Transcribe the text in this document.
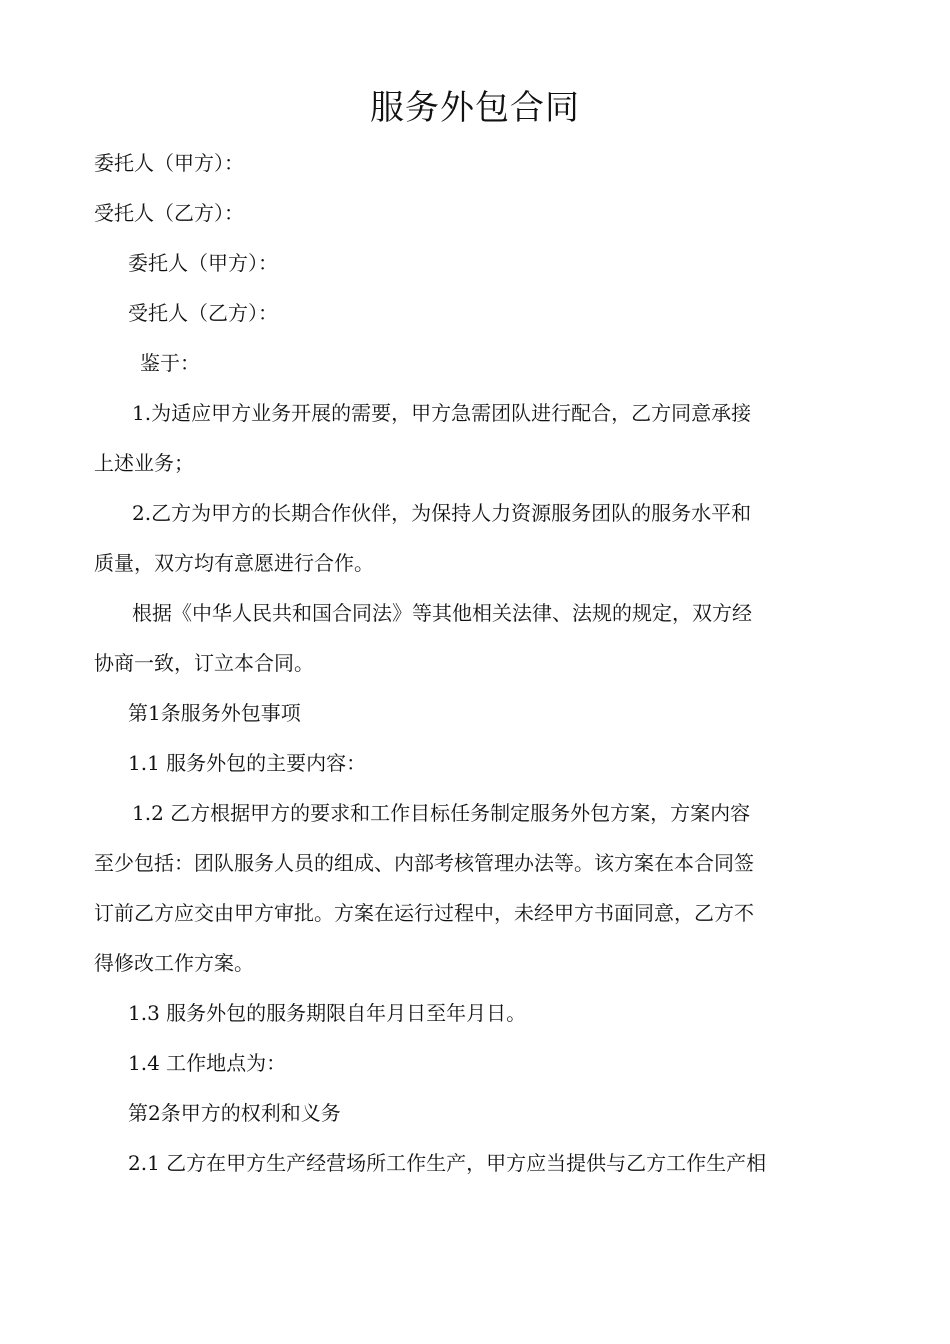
服务外包合同
委托人（甲方）：
受托人（乙方）：
委托人（甲方）：
受托人（乙方）：
鉴于：
1.为适应甲方业务开展的需要，甲方急需团队进行配合，乙方同意承接
上述业务；
2.乙方为甲方的长期合作伙伴，为保持人力资源服务团队的服务水平和
质量，双方均有意愿进行合作。
根据《中华人民共和国合同法》等其他相关法律、法规的规定，双方经
协商一致，订立本合同。
第1条服务外包事项
1.1 服务外包的主要内容：
1.2 乙方根据甲方的要求和工作目标任务制定服务外包方案，方案内容
至少包括：团队服务人员的组成、内部考核管理办法等。该方案在本合同签
订前乙方应交由甲方审批。方案在运行过程中，未经甲方书面同意，乙方不
得修改工作方案。
1.3 服务外包的服务期限自年月日至年月日。
1.4 工作地点为：
第2条甲方的权利和义务
2.1 乙方在甲方生产经营场所工作生产，甲方应当提供与乙方工作生产相
